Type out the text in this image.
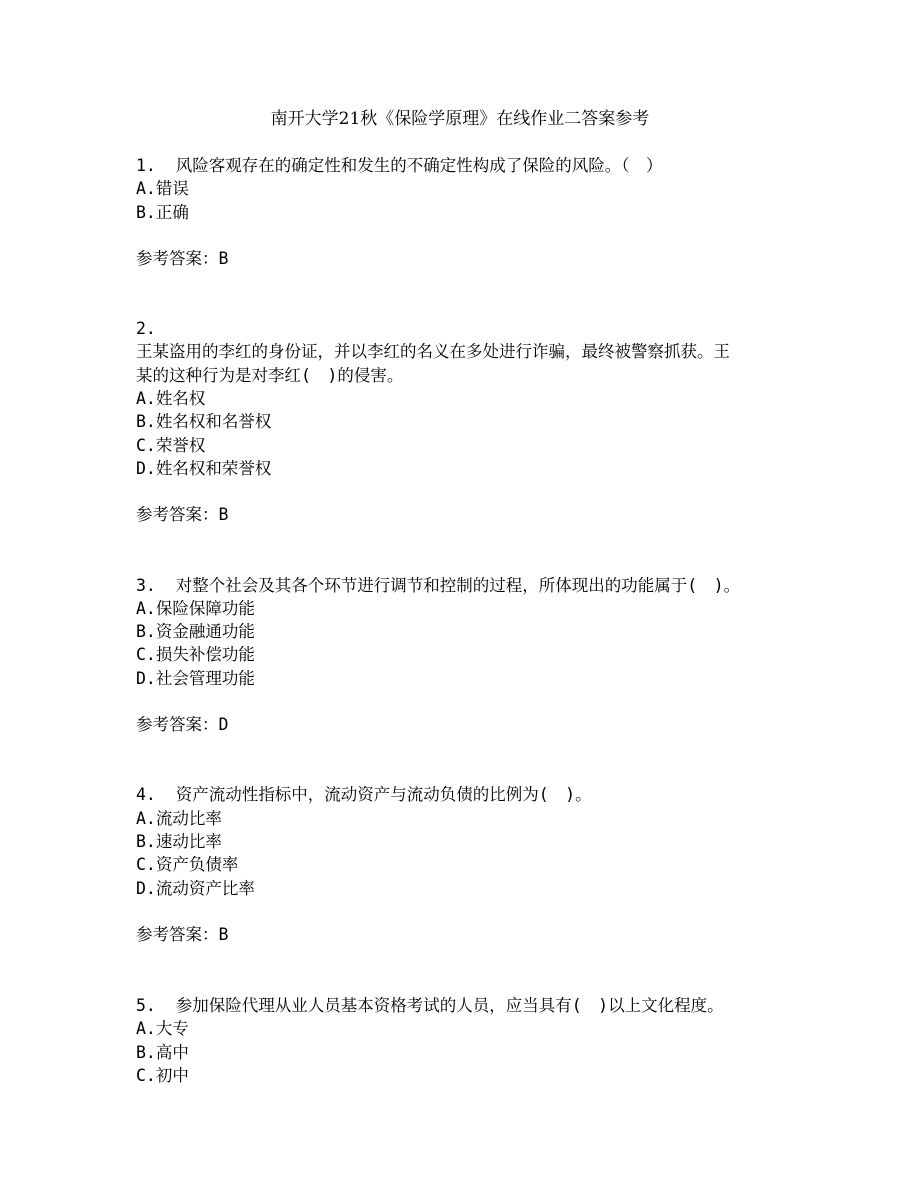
南开大学21秋《保险学原理》在线作业二答案参考
1. 风险客观存在的确定性和发生的不确定性构成了保险的风险。（　）
A.错误
B.正确
参考答案：B
2.
王某盗用的李红的身份证，并以李红的名义在多处进行诈骗，最终被警察抓获。王
某的这种行为是对李红(　)的侵害。
A.姓名权
B.姓名权和名誉权
C.荣誉权
D.姓名权和荣誉权
参考答案：B
3. 对整个社会及其各个环节进行调节和控制的过程，所体现出的功能属于(　)。
A.保险保障功能
B.资金融通功能
C.损失补偿功能
D.社会管理功能
参考答案：D
4. 资产流动性指标中，流动资产与流动负债的比例为(　)。
A.流动比率
B.速动比率
C.资产负债率
D.流动资产比率
参考答案：B
5. 参加保险代理从业人员基本资格考试的人员，应当具有(　)以上文化程度。
A.大专
B.高中
C.初中
